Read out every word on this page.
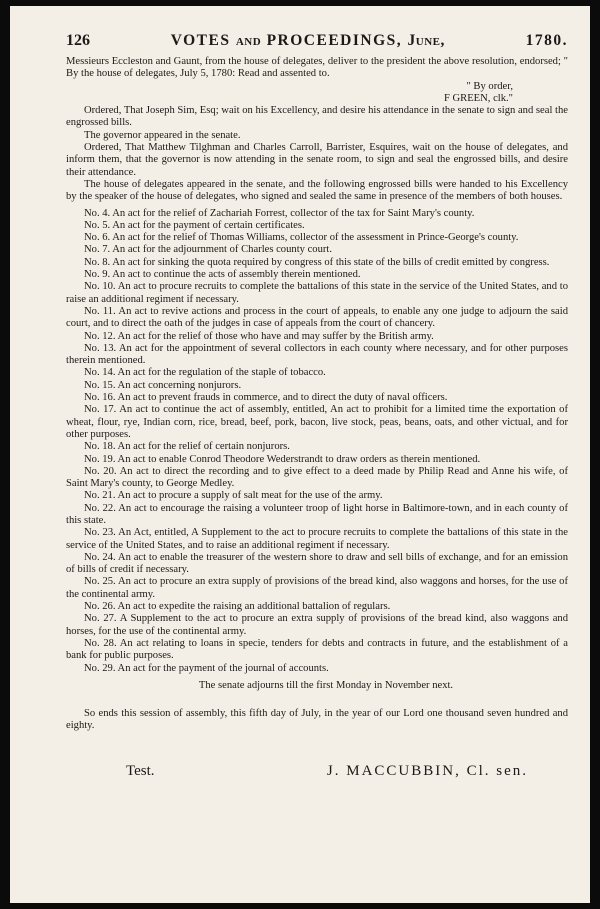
126	VOTES and PROCEEDINGS, June,	1780.

Messieurs Eccleston and Gaunt, from the house of delegates, deliver to the president the above resolution, endorsed; " By the house of delegates, July 5, 1780: Read and assented to.

" By order,

F GREEN, clk."

Ordered, That Joseph Sim, Esq; wait on his Excellency, and desire his attendance in the senate to sign and seal the engrossed bills.

The governor appeared in the senate.

Ordered, That Matthew Tilghman and Charles Carroll, Barrister, Esquires, wait on the house of delegates, and inform them, that the governor is now attending in the senate room, to sign and seal the engrossed bills, and desire their attendance.

The house of delegates appeared in the senate, and the following engrossed bills were handed to his Excellency by the speaker of the house of delegates, who signed and sealed the same in presence of the members of both houses.

No. 4. An act for the relief of Zachariah Forrest, collector of the tax for Saint Mary's county.

No. 5. An act for the payment of certain certificates.

No. 6. An act for the relief of Thomas Williams, collector of the assessment in Prince-George's county.

No. 7. An act for the adjournment of Charles county court.

No. 8. An act for sinking the quota required by congress of this state of the bills of credit emitted by congress.

No. 9. An act to continue the acts of assembly therein mentioned.

No. 10. An act to procure recruits to complete the battalions of this state in the service of the United States, and to raise an additional regiment if necessary.

No. 11. An act to revive actions and process in the court of appeals, to enable any one judge to adjourn the said court, and to direct the oath of the judges in case of appeals from the court of chancery.

No. 12. An act for the relief of those who have and may suffer by the British army.

No. 13. An act for the appointment of several collectors in each county where necessary, and for other purposes therein mentioned.

No. 14. An act for the regulation of the staple of tobacco.

No. 15. An act concerning nonjurors.

No. 16. An act to prevent frauds in commerce, and to direct the duty of naval officers.

No. 17. An act to continue the act of assembly, entitled, An act to prohibit for a limited time the exportation of wheat, flour, rye, Indian corn, rice, bread, beef, pork, bacon, live stock, peas, beans, oats, and other victual, and for other purposes.

No. 18. An act for the relief of certain nonjurors.

No. 19. An act to enable Conrod Theodore Wederstrandt to draw orders as therein mentioned.

No. 20. An act to direct the recording and to give effect to a deed made by Philip Read and Anne his wife, of Saint Mary's county, to George Medley.

No. 21. An act to procure a supply of salt meat for the use of the army.

No. 22. An act to encourage the raising a volunteer troop of light horse in Baltimore-town, and in each county of this state.

No. 23. An Act, entitled, A Supplement to the act to procure recruits to complete the battalions of this state in the service of the United States, and to raise an additional regiment if necessary.

No. 24. An act to enable the treasurer of the western shore to draw and sell bills of exchange, and for an emission of bills of credit if necessary.

No. 25. An act to procure an extra supply of provisions of the bread kind, also waggons and horses, for the use of the continental army.

No. 26. An act to expedite the raising an additional battalion of regulars.

No. 27. A Supplement to the act to procure an extra supply of provisions of the bread kind, also waggons and horses, for the use of the continental army.

No. 28. An act relating to loans in specie, tenders for debts and contracts in future, and the establishment of a bank for public purposes.

No. 29. An act for the payment of the journal of accounts.

The senate adjourns till the first Monday in November next.

So ends this session of assembly, this fifth day of July, in the year of our Lord one thousand seven hundred and eighty.

Test.	J. MACCUBBIN, Cl. sen.
